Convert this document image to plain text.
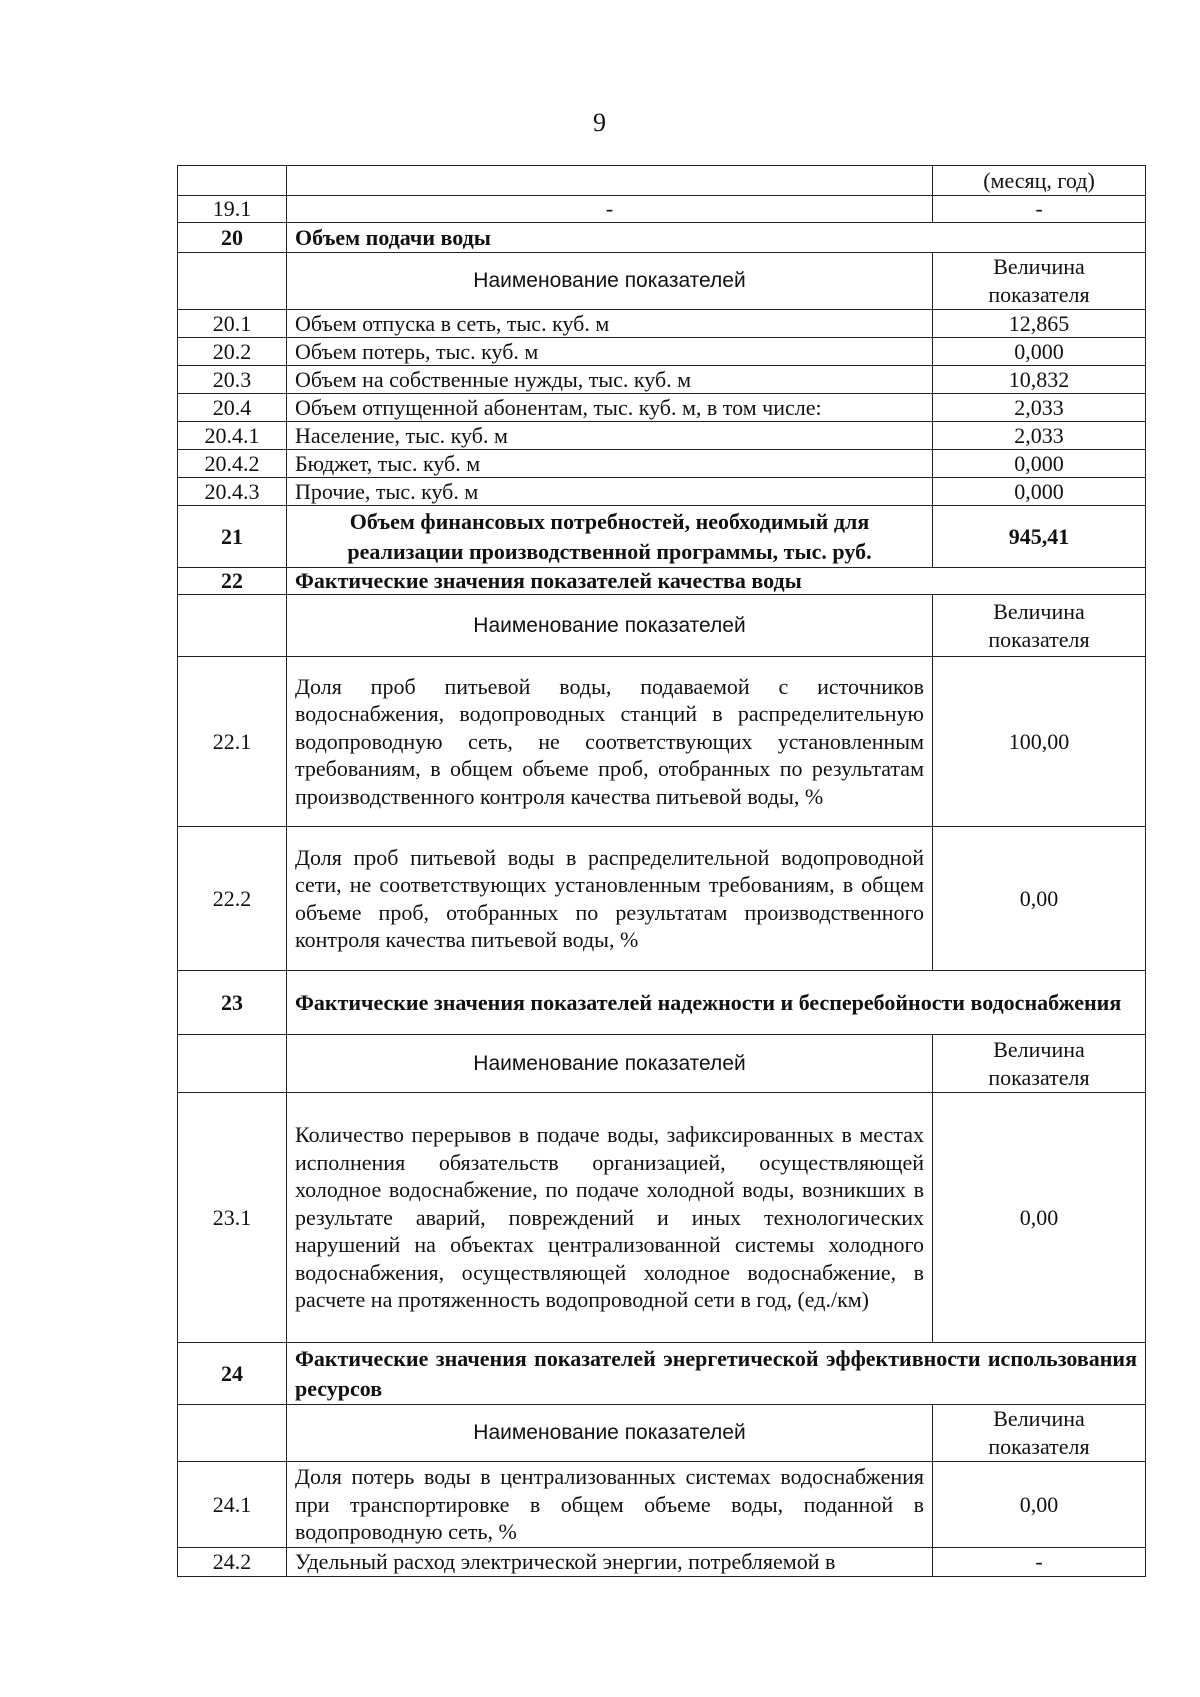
9
		(месяц, год)
19.1	-	-
20	Объем подачи воды	
	Наименование показателей	Величина показателя
20.1	Объем отпуска в сеть, тыс. куб. м	12,865
20.2	Объем потерь, тыс. куб. м	0,000
20.3	Объем на собственные нужды, тыс. куб. м	10,832
20.4	Объем отпущенной абонентам, тыс. куб. м, в том числе:	2,033
20.4.1	Население, тыс. куб. м	2,033
20.4.2	Бюджет, тыс. куб. м	0,000
20.4.3	Прочие, тыс. куб. м	0,000
21	Объем финансовых потребностей, необходимый для реализации производственной программы, тыс. руб.	945,41
22	Фактические значения показателей качества воды	
	Наименование показателей	Величина показателя
22.1	Доля проб питьевой воды, подаваемой с источников водоснабжения, водопроводных станций в распределительную водопроводную сеть, не соответствующих установленным требованиям, в общем объеме проб, отобранных по результатам производственного контроля качества питьевой воды, %	100,00
22.2	Доля проб питьевой воды в распределительной водопроводной сети, не соответствующих установленным требованиям, в общем объеме проб, отобранных по результатам производственного контроля качества питьевой воды, %	0,00
23	Фактические значения показателей надежности и бесперебойности водоснабжения	
	Наименование показателей	Величина показателя
23.1	Количество перерывов в подаче воды, зафиксированных в местах исполнения обязательств организацией, осуществляющей холодное водоснабжение, по подаче холодной воды, возникших в результате аварий, повреждений и иных технологических нарушений на объектах централизованной системы холодного водоснабжения, осуществляющей холодное водоснабжение, в расчете на протяженность водопроводной сети в год, (ед./км)	0,00
24	Фактические значения показателей энергетической эффективности использования ресурсов	
	Наименование показателей	Величина показателя
24.1	Доля потерь воды в централизованных системах водоснабжения при транспортировке в общем объеме воды, поданной в водопроводную сеть, %	0,00
24.2	Удельный расход электрической энергии, потребляемой в	-
